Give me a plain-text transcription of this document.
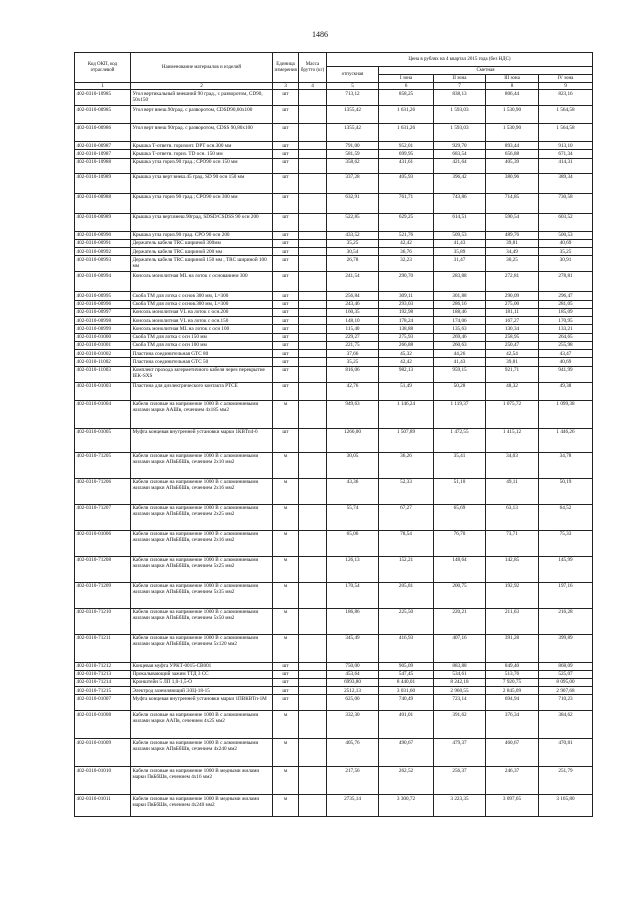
1486
Код ОКП, код отраслевой	Наименование материалов и изделий	Единица измерения	Масса брутто (кг)	Цена в рублях на 4 квартал 2015 года (без НДС)				
				отпускная	Сметная			
					I зона	II зона	III зона	IV зона
1	2	3	4	5	6	7	8	9
402-0310-10985	Угол вертикальный внешний 90 град., с разворотом, CD90, 50x150	шт		713,12	858,25	838,13	806,44	823,16
402-0310-00985	Угол верт внеш.90град. с разворотом, CDSD90,60x100	шт		1355,42	1 631,26	1 593,03	1 530,90	1 564,58
402-0310-00986	Угол верт внеш 90град. с разворотом, CDSS 90,80x100	шт		1355,42	1 631,26	1 593,03	1 530,90	1 564,58
402-0310-00987	Крышка Т-ответв. горизонт. DPT осн.300 мм	шт		791,00	952,01	929,70	893,44	913,10
402-0310-10987	Крышка Т-ответв. гориз. TD осн. 150 мм	шт		581,59	699,95	683,54	656,88	671,34
402-0310-10988	Крышка угла гориз.90 град.; CPO90 осн 150 мм	шт		358,62	431,61	421,64	405,39	414,31
402-0310-10989	Крышка угла верт внеш.45 град. SD 90 осн 150 мм	шт		337,28	405,93	396,42	380,96	389,34
402-0310-00988	Крышка угла гориз 90 град.; CPO90 осн 300 мм	шт		632,91	761,71	743,86	714,85	730,58
402-0310-00989	Крышка угла верт.внеш.90град, SDSD/CSDSS 90 осн 200	шт		522,85	629,25	614,51	590,54	603,52
402-0310-00990	Крышка угла гориз.90 град. CPO 90 осн 200	шт		433,52	521,76	509,53	489,76	500,53
402-0310-00991	Держатель кабеля TRC шириной 300мм	шт		35,25	42,42	41,43	39,81	40,69
402-0310-00992	Держатель кабеля TRC шириной 200 мм	шт		30,54	36,76	35,89	34,49	35,25
402-0310-00993	Держатель кабеля TRC шириной 150 мм , TRC шириной 100 мм	шт		26,78	32,23	31,47	30,25	30,91
402-0310-00994	Консоль монолитная ML на лоток с основанием 300	шт		241,54	290,70	283,88	272,81	278,81
402-0310-00995	Скоба TM для лотка с основ 300 мм, L=300	шт		256,84	309,11	301,88	290,09	296,47
402-0310-00996	Скоба TM для лотка с основ.300 мм, L=300	шт		243,46	293,03	286,16	275,00	281,05
402-0310-00997	Консоль монолитная VL на лоток с осн.200	шт		160,35	192,98	188,46	181,11	185,09
402-0310-00998	Консоль монолитная VL на лоток с осн.150	шт		148,10	178,24	174,06	167,27	170,95
402-0310-00999	Консоль монолитная ML на лоток с осн 100	шт		115,40	138,88	135,63	130,34	133,21
402-0310-01000	Скоба TM для лотка с осн 150 мм	шт		229,27	275,93	269,46	258,95	264,65
402-0310-01001	Скоба TM для лотка с осн 100 мм	шт		221,75	266,88	260,63	250,47	255,98
402-0310-01002	Пластина соединительная GTC 80	шт		37,66	45,32	44,26	42,54	43,47
402-0310-11002	Пластина соединительная GTC 50	шт		35,25	42,42	41,43	39,81	40,69
402-0310-11003	Комплект прохода загерметичного кабеля через перекрытие IEK-SXS	шт		816,06	982,13	959,15	921,71	941,99
402-0310-01003	Пластина для диэлектрического контакта PTCE	шт		42,76	51,49	50,28	48,32	49,38
402-0310-01004	Кабели силовые на напряжение 1000 В с алюминиевыми жилами марки ААШв, сечением 4x185 мм2	м		949,63	1 146,24	1 119,37	1 075,72	1 099,38
402-0310-01005	Муфта концевая внутренней установки марки 1КВТп4-6	шт		1266,00	1 507,89	1 472,55	1 415,12	1 446,26
402-0310-71205	Кабели силовые на напряжение 1000 В с алюминиевыми жилами марки АПвБбШв, сечением 2x10 мм2	м		30,05	36,26	35,41	34,03	34,78
402-0310-71206	Кабели силовые на напряжение 1000 В с алюминиевыми жилами марки АПвБбШв, сечением 2x16 мм2	м		43,36	52,33	51,10	49,11	50,19
402-0310-71207	Кабели силовые на напряжение 1000 В с алюминиевыми жилами марки АПвБбШв, сечением 2x25 мм2	м		55,74	67,27	65,69	63,13	64,52
402-0310-01006	Кабели силовые на напряжение 1000 В с алюминиевыми жилами марки АПвБбШв, сечением 2x16 мм2	м		65,06	78,54	76,70	73,71	75,33
402-0310-71208	Кабели силовые на напряжение 1000 В с алюминиевыми жилами марки АПвБбШв, сечением 5x25 мм2	м		126,13	152,21	148,64	142,85	145,99
402-0310-71209	Кабели силовые на напряжение 1000 В с алюминиевыми жилами марки АПвБбШв, сечением 5x35 мм2	м		170,54	205,81	200,75	192,92	197,16
402-0310-71210	Кабели силовые на напряжение 1000 В с алюминиевыми жилами марки АПвБбШв, сечением 5x50 мм2	м		186,86	225,50	220,21	211,63	216,28
402-0310-71211	Кабели силовые на напряжение 1000 В с алюминиевыми жилами марки АПвБбШв, сечением 5x120 мм2	м		345,49	416,93	407,16	391,28	399,89
402-0310-71212	Концевая муфта УРКТ-0015-СВ001	шт		750,00	905,09	883,88	849,40	868,09
402-0310-71213	Прокалывающий зажим ТТД 3 СС	шт		453,64	547,45	534,61	513,76	525,07
402-0310-71214	Кронштейн 5 ЛП 1,0-1,5-О	шт		6993,80	8 440,01	8 242,18	7 920,75	8 095,00
402-0310-71215	Электрод заземляющий ЭЗЦ-18-15	шт		2512,13	3 031,60	2 960,55	2 845,09	2 907,68
402-0310-01007	Муфта концевая внутренней установки марки 1ПВКВТп-1М	шт		625,00	740,49	723,14	694,94	710,23
402-0310-01008	Кабели силовые на напряжение 1000 В с алюминиевыми жилами марки ААПв, сечением 4x25 мм2	м		332,30	401,01	391,62	376,34	384,62
402-0310-01009	Кабели силовые на напряжение 1000 В с алюминиевыми жилами марки АПвБбШв, сечением 4x240 мм2	м		405,76	490,67	479,37	460,67	470,81
402-0310-01010	Кабели силовые на напряжение 1000 В медными жилами марки ПвБбШв, сечением 4x16 мм2	м		217,56	262,52	256,37	246,37	251,79
402-0310-01011	Кабели силовые на напряжение 1000 В медными жилами марки ПвБбШв, сечением 4x240 мм2	м		2735,14	3 300,72	3 223,35	3 097,65	3 165,80
